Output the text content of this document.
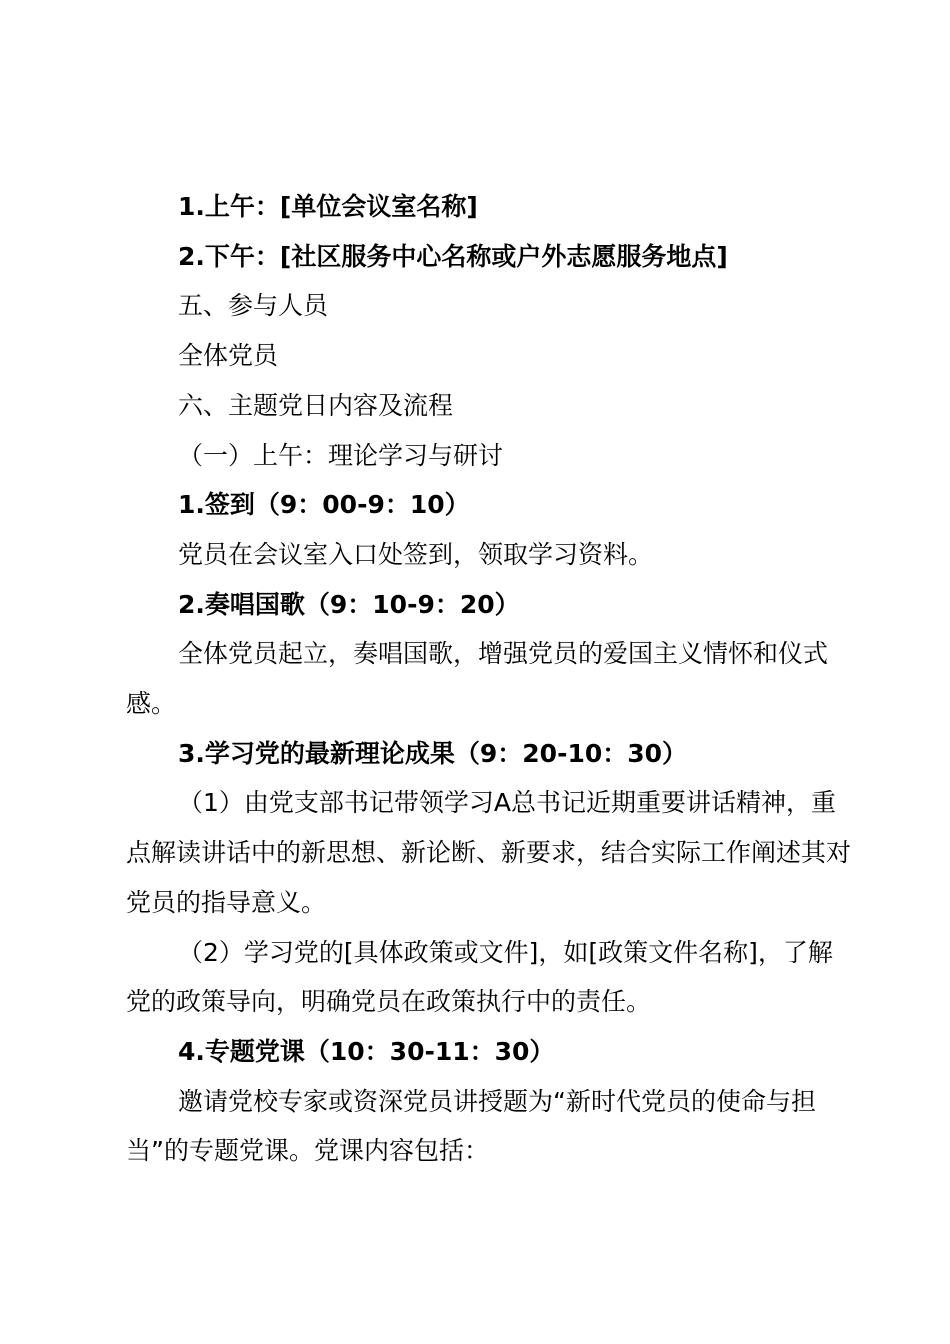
1.上午：[单位会议室名称]

2.下午：[社区服务中心名称或户外志愿服务地点]

五、参与人员

全体党员

六、主题党日内容及流程

（一）上午：理论学习与研讨

1.签到（9：00-9：10）

党员在会议室入口处签到，领取学习资料。

2.奏唱国歌（9：10-9：20）

全体党员起立，奏唱国歌，增强党员的爱国主义情怀和仪式感。

3.学习党的最新理论成果（9：20-10：30）

（1）由党支部书记带领学习A总书记近期重要讲话精神，重点解读讲话中的新思想、新论断、新要求，结合实际工作阐述其对党员的指导意义。

（2）学习党的[具体政策或文件]，如[政策文件名称]，了解党的政策导向，明确党员在政策执行中的责任。

4.专题党课（10：30-11：30）

邀请党校专家或资深党员讲授题为“新时代党员的使命与担当”的专题党课。党课内容包括：
